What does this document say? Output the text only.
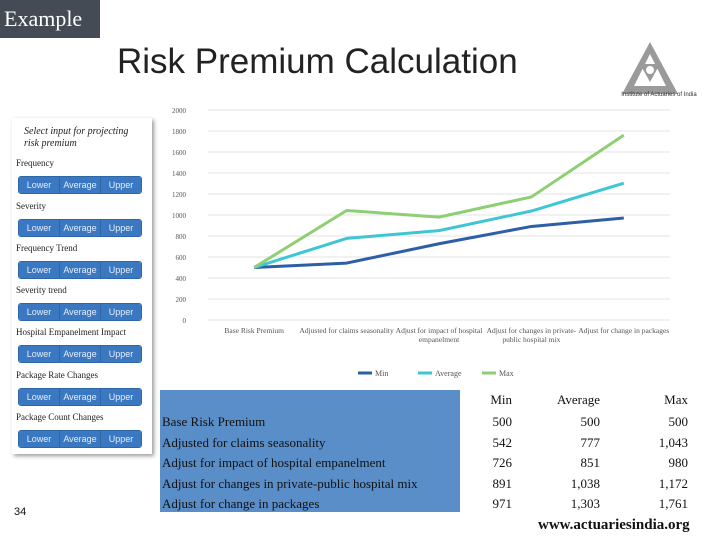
Example
Risk Premium Calculation
Institute of Actuaries of India
Select input for projecting risk premium
Frequency
Lower	Average	Upper
Severity
Lower	Average	Upper
Frequency Trend
Lower	Average	Upper
Severity trend
Lower	Average	Upper
Hospital Empanelment Impact
Lower	Average	Upper
Package Rate Changes
Lower	Average	Upper
Package Count Changes
Lower	Average	Upper
0
200
400
600
800
1000
1200
1400
1600
1800
2000
Base Risk Premium	Adjusted for claims seasonality Adjust for impact of hospital empanelment
Adjust for changes in private-public hospital mix
Adjust for change in packages
Min	Average	Max
Min	Average	Max
Base Risk Premium	500	500	500
Adjusted for claims seasonality	542	777	1,043
Adjust for impact of hospital empanelment	726	851	980
Adjust for changes in private-public hospital mix	891	1,038	1,172
Adjust for change in packages	971	1,303	1,761
34
www.actuariesindia.org
